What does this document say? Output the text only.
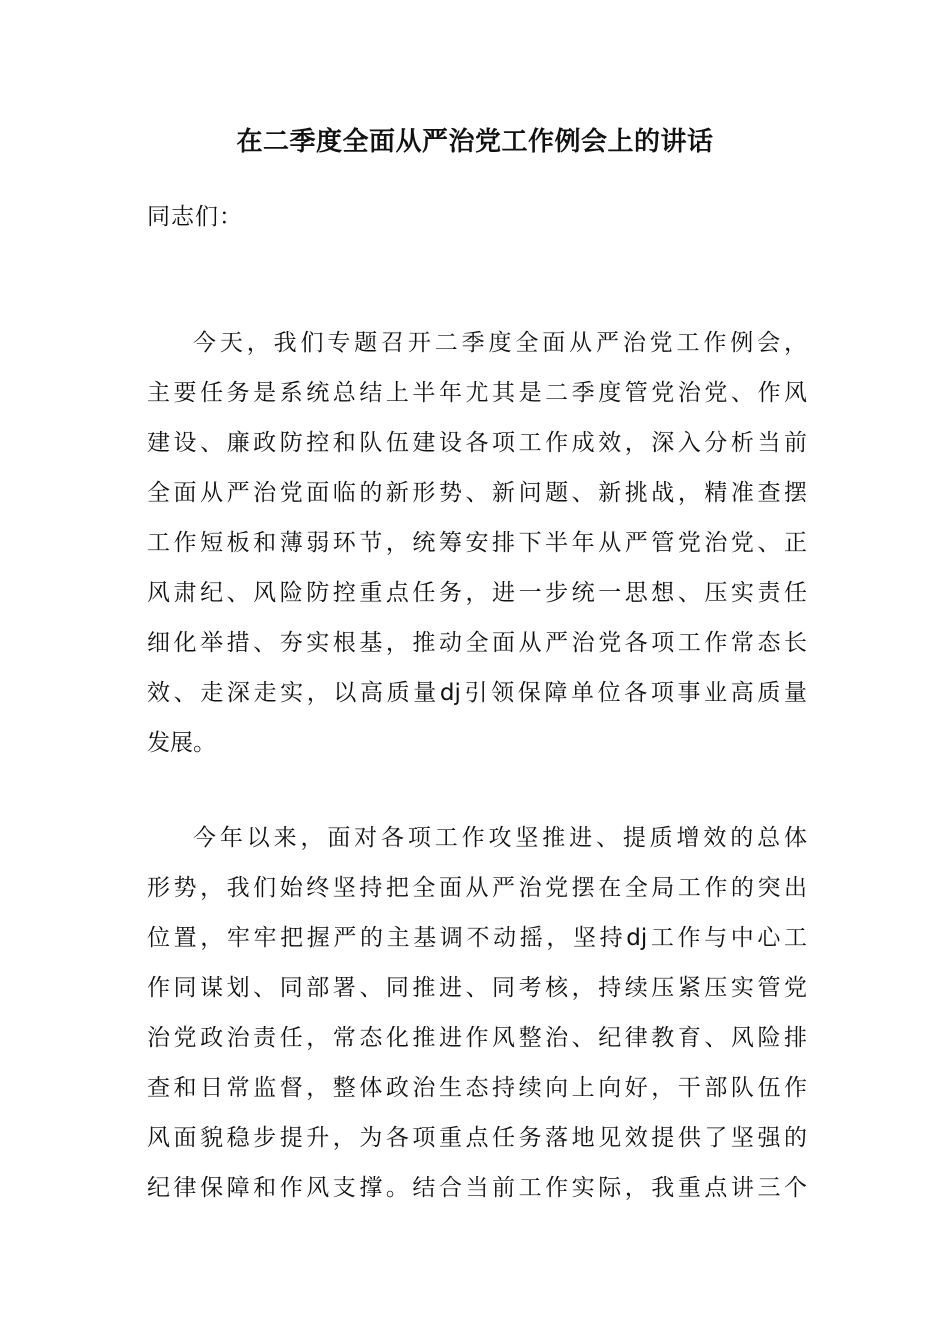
在二季度全面从严治党工作例会上的讲话

同志们：

今天，我们专题召开二季度全面从严治党工作例会，
主要任务是系统总结上半年尤其是二季度管党治党、作风
建设、廉政防控和队伍建设各项工作成效，深入分析当前
全面从严治党面临的新形势、新问题、新挑战，精准查摆
工作短板和薄弱环节，统筹安排下半年从严管党治党、正
风肃纪、风险防控重点任务，进一步统一思想、压实责任
细化举措、夯实根基，推动全面从严治党各项工作常态长
效、走深走实，以高质量dj引领保障单位各项事业高质量
发展。
今年以来，面对各项工作攻坚推进、提质增效的总体
形势，我们始终坚持把全面从严治党摆在全局工作的突出
位置，牢牢把握严的主基调不动摇，坚持dj工作与中心工
作同谋划、同部署、同推进、同考核，持续压紧压实管党
治党政治责任，常态化推进作风整治、纪律教育、风险排
查和日常监督，整体政治生态持续向上向好，干部队伍作
风面貌稳步提升，为各项重点任务落地见效提供了坚强的
纪律保障和作风支撑。结合当前工作实际，我重点讲三个
